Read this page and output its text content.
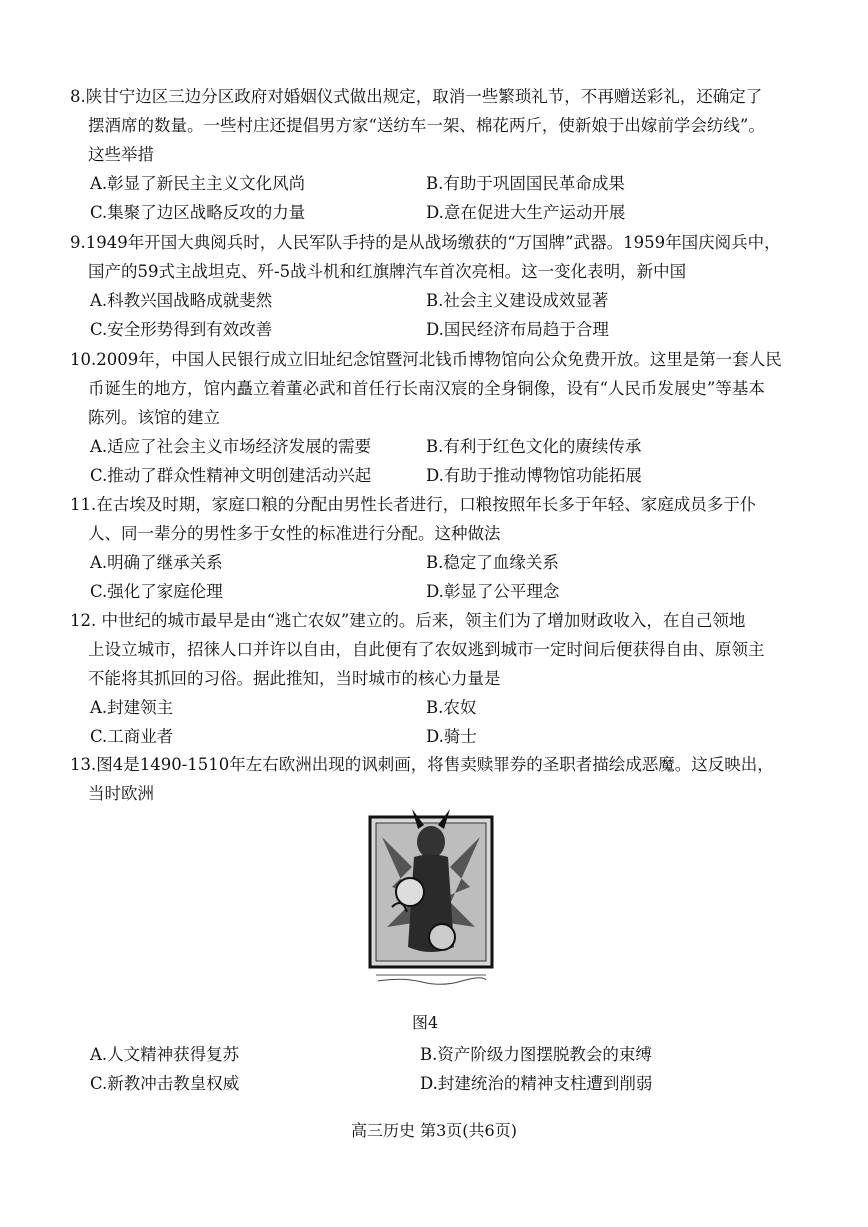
8.陕甘宁边区三边分区政府对婚姻仪式做出规定，取消一些繁琐礼节，不再赠送彩礼，还确定了
摆酒席的数量。一些村庄还提倡男方家“送纺车一架、棉花两斤，使新娘于出嫁前学会纺线”。
这些举措

A.彰显了新民主主义文化风尚	B.有助于巩固国民革命成果
C.集聚了边区战略反攻的力量	D.意在促进大生产运动开展

9.1949年开国大典阅兵时，人民军队手持的是从战场缴获的“万国牌”武器。1959年国庆阅兵中，
国产的59式主战坦克、歼-5战斗机和红旗牌汽车首次亮相。这一变化表明，新中国

A.科教兴国战略成就斐然	B.社会主义建设成效显著
C.安全形势得到有效改善	D.国民经济布局趋于合理

10.2009年，中国人民银行成立旧址纪念馆暨河北钱币博物馆向公众免费开放。这里是第一套人民
币诞生的地方，馆内矗立着董必武和首任行长南汉宸的全身铜像，设有“人民币发展史”等基本
陈列。该馆的建立

A.适应了社会主义市场经济发展的需要	B.有利于红色文化的赓续传承
C.推动了群众性精神文明创建活动兴起	D.有助于推动博物馆功能拓展

11.在古埃及时期，家庭口粮的分配由男性长者进行，口粮按照年长多于年轻、家庭成员多于仆
人、同一辈分的男性多于女性的标准进行分配。这种做法

A.明确了继承关系	B.稳定了血缘关系
C.强化了家庭伦理	D.彰显了公平理念

12. 中世纪的城市最早是由“逃亡农奴”建立的。后来，领主们为了增加财政收入，在自己领地
上设立城市，招徕人口并许以自由，自此便有了农奴逃到城市一定时间后便获得自由、原领主
不能将其抓回的习俗。据此推知，当时城市的核心力量是

A.封建领主	B.农奴
C.工商业者	D.骑士

13.图4是1490-1510年左右欧洲出现的讽刺画，将售卖赎罪券的圣职者描绘成恶魔。这反映出，
当时欧洲

图4
A.人文精神获得复苏	B.资产阶级力图摆脱教会的束缚
C.新教冲击教皇权威	D.封建统治的精神支柱遭到削弱
高三历史 第3页(共6页)
